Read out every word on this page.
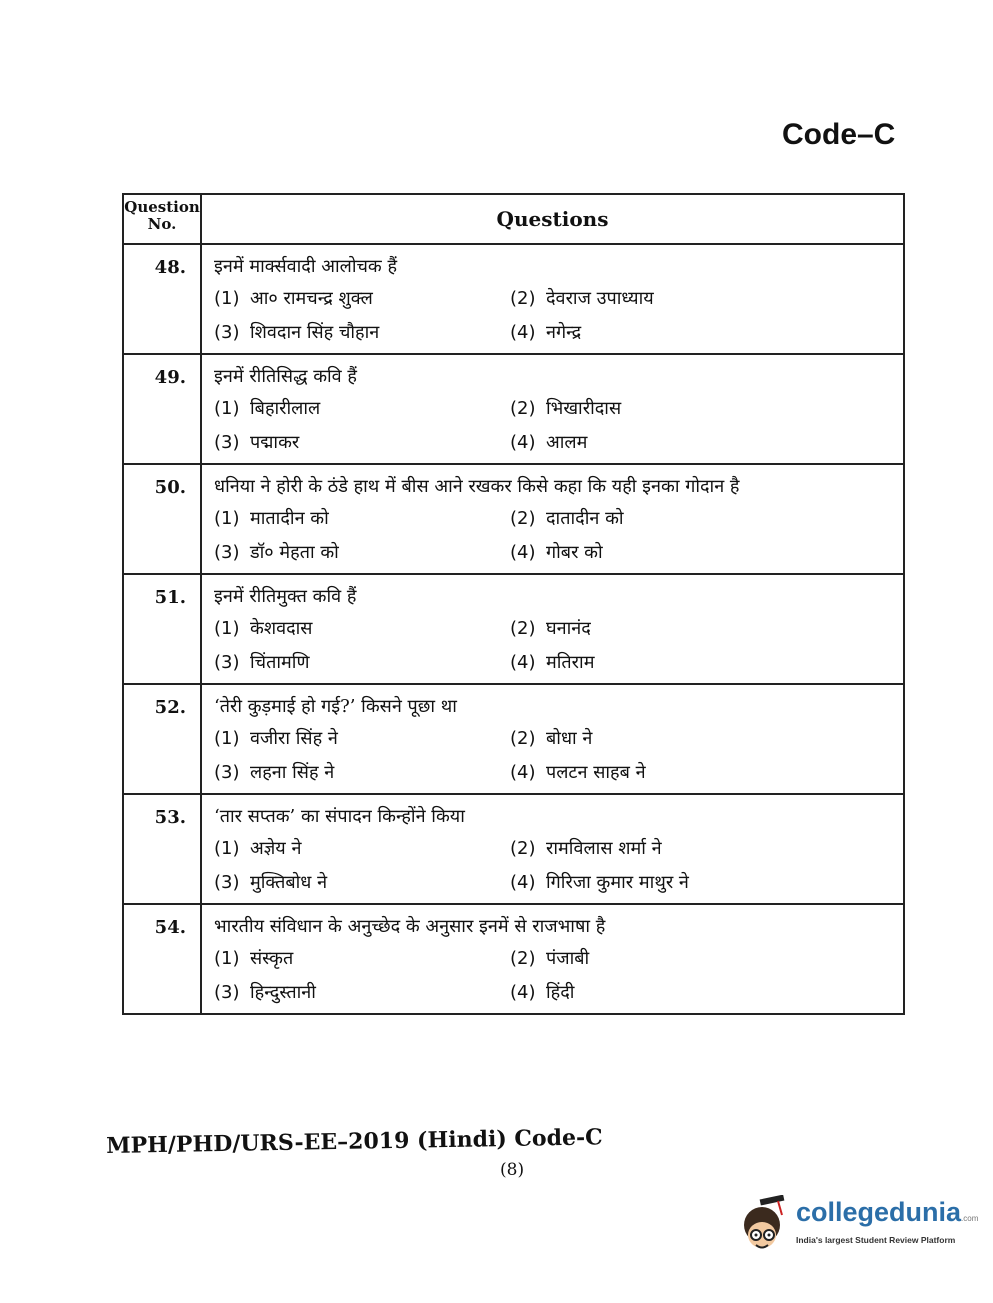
Code–C
Question No.	Questions
48.	इनमें मार्क्सवादी आलोचक हैं
(1) आ० रामचन्द्र शुक्ल (2) देवराज उपाध्याय
(3) शिवदान सिंह चौहान (4) नगेन्द्र

49.	इनमें रीतिसिद्ध कवि हैं
(1) बिहारीलाल (2) भिखारीदास
(3) पद्माकर (4) आलम

50.	धनिया ने होरी के ठंडे हाथ में बीस आने रखकर किसे कहा कि यही इनका गोदान है
(1) मातादीन को (2) दातादीन को
(3) डॉ० मेहता को (4) गोबर को

51.	इनमें रीतिमुक्त कवि हैं
(1) केशवदास (2) घनानंद
(3) चिंतामणि (4) मतिराम

52.	‘तेरी कुड़माई हो गई?’ किसने पूछा था
(1) वजीरा सिंह ने (2) बोधा ने
(3) लहना सिंह ने (4) पलटन साहब ने

53.	‘तार सप्तक’ का संपादन किन्होंने किया
(1) अज्ञेय ने (2) रामविलास शर्मा ने
(3) मुक्तिबोध ने (4) गिरिजा कुमार माथुर ने

54.	भारतीय संविधान के अनुच्छेद के अनुसार इनमें से राजभाषा है
(1) संस्कृत (2) पंजाबी
(3) हिन्दुस्तानी (4) हिंदी
MPH/PHD/URS-EE–2019 (Hindi) Code-C
(8)
collegedunia.com
India's largest Student Review Platform
